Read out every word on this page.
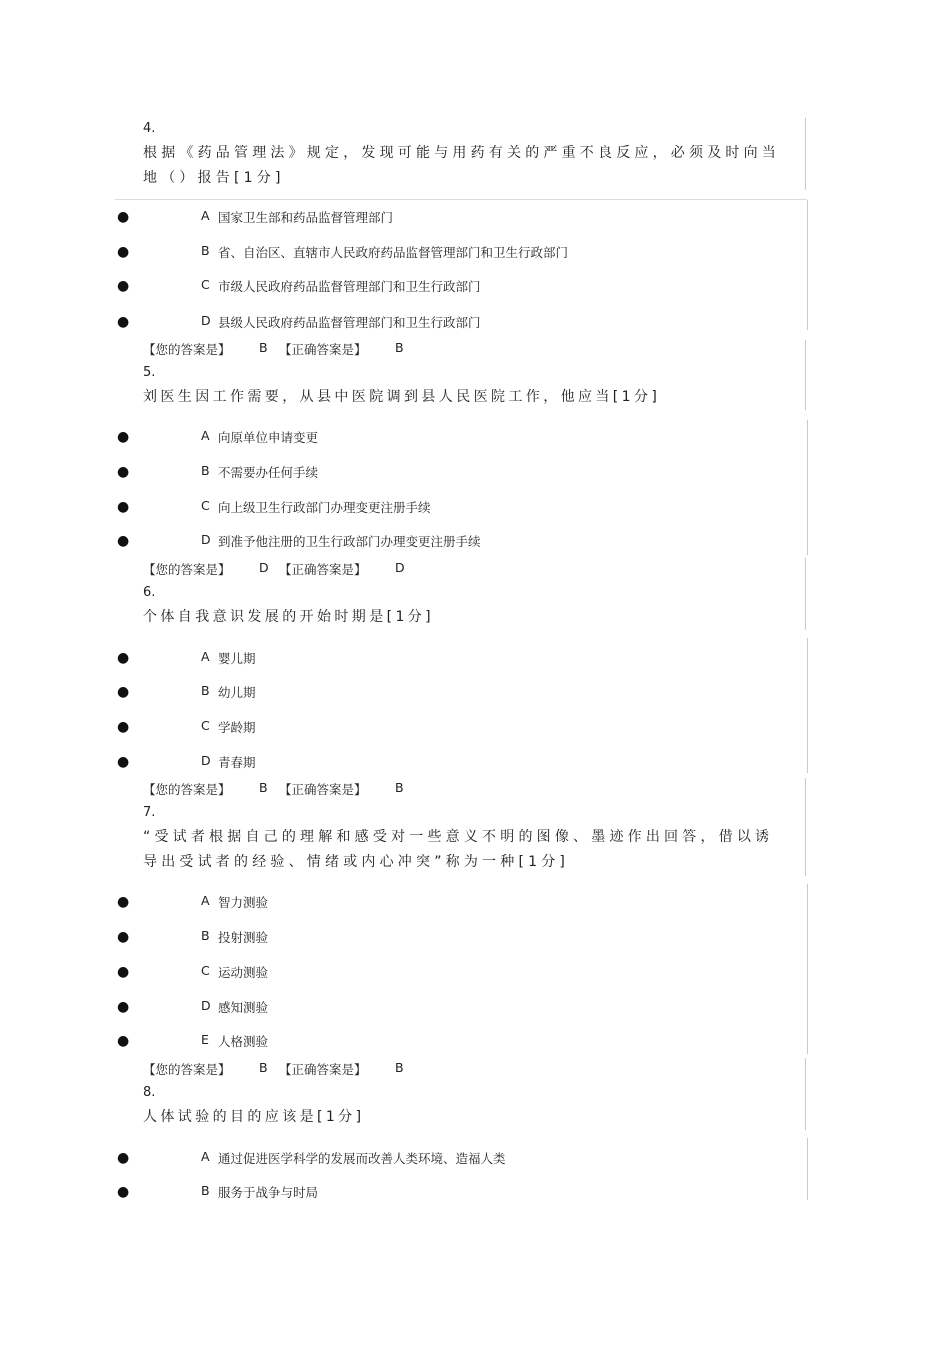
4.
根据《药品管理法》规定，发现可能与用药有关的严重不良反应，必须及时向当
地（）报告[1分]
●	A 国家卫生部和药品监督管理部门
●	B 省、自治区、直辖市人民政府药品监督管理部门和卫生行政部门
●	C 市级人民政府药品监督管理部门和卫生行政部门
●	D 县级人民政府药品监督管理部门和卫生行政部门

【您的答案是】

B

【正确答案是】

B

5.
刘医生因工作需要，从县中医院调到县人民医院工作，他应当[1分]
●	A 向原单位申请变更
●	B 不需要办任何手续
●	C 向上级卫生行政部门办理变更注册手续
●	D 到准予他注册的卫生行政部门办理变更注册手续

【您的答案是】

D

【正确答案是】

D

6.
个体自我意识发展的开始时期是[1分]
●	A 婴儿期
●	B 幼儿期
●	C 学龄期
●	D 青春期

【您的答案是】

B

【正确答案是】

B

7.
“受试者根据自己的理解和感受对一些意义不明的图像、墨迹作出回答，借以诱
导出受试者的经验、情绪或内心冲突”称为一种[1分]
●	A 智力测验
●	B 投射测验
●	C 运动测验
●	D 感知测验
●	E 人格测验

【您的答案是】

B

【正确答案是】

B

8.
人体试验的目的应该是[1分]
●	A 通过促进医学科学的发展而改善人类环境、造福人类
●	B 服务于战争与时局
